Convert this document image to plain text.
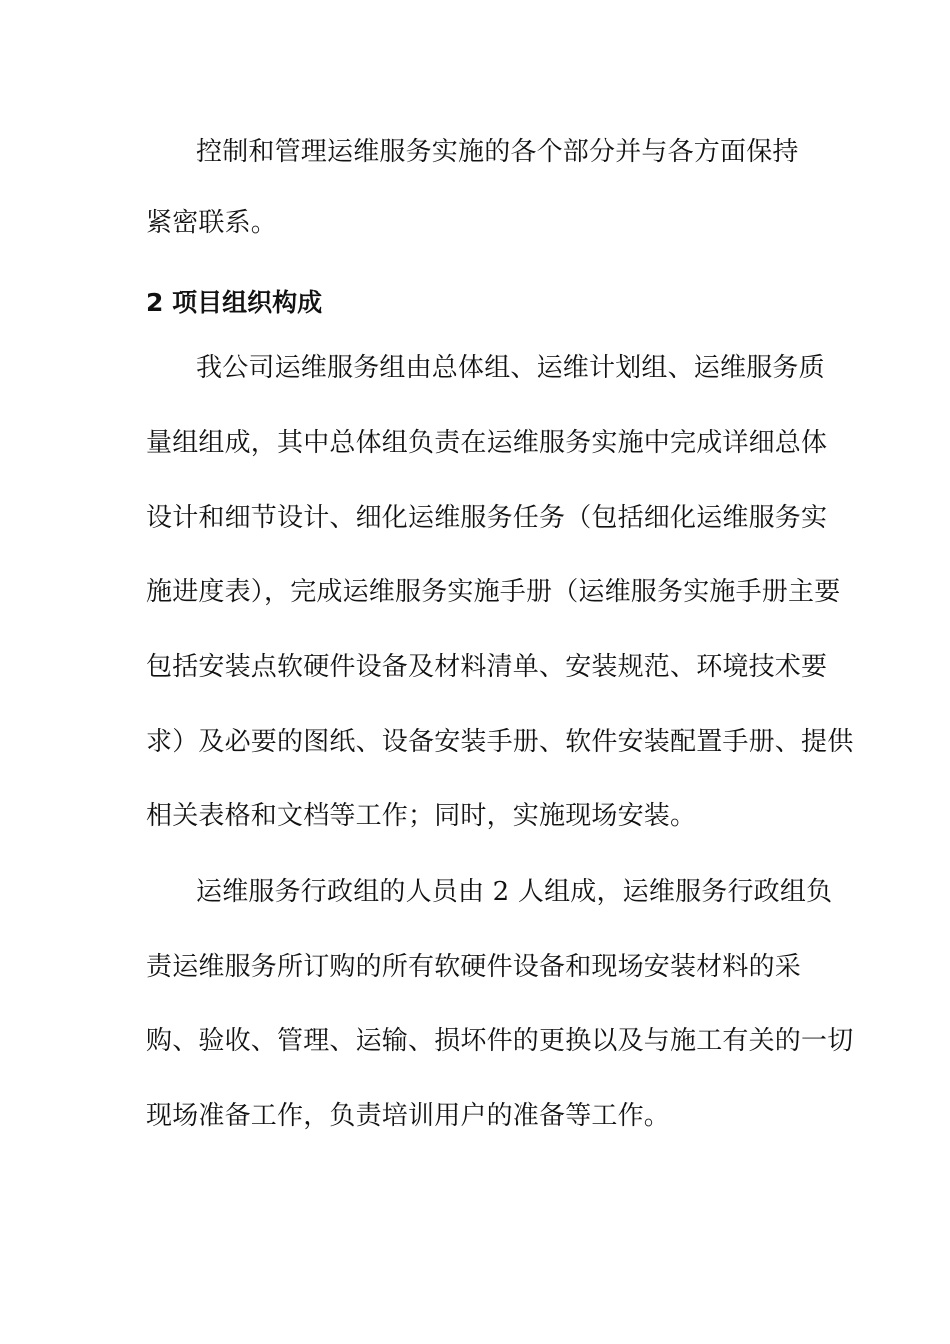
控制和管理运维服务实施的各个部分并与各方面保持

紧密联系。

2 项目组织构成

我公司运维服务组由总体组、运维计划组、运维服务质

量组组成，其中总体组负责在运维服务实施中完成详细总体

设计和细节设计、细化运维服务任务（包括细化运维服务实

施进度表），完成运维服务实施手册（运维服务实施手册主要

包括安装点软硬件设备及材料清单、安装规范、环境技术要

求）及必要的图纸、设备安装手册、软件安装配置手册、提供

相关表格和文档等工作；同时，实施现场安装。

运维服务行政组的人员由 2 人组成，运维服务行政组负

责运维服务所订购的所有软硬件设备和现场安装材料的采

购、验收、管理、运输、损坏件的更换以及与施工有关的一切

现场准备工作，负责培训用户的准备等工作。
